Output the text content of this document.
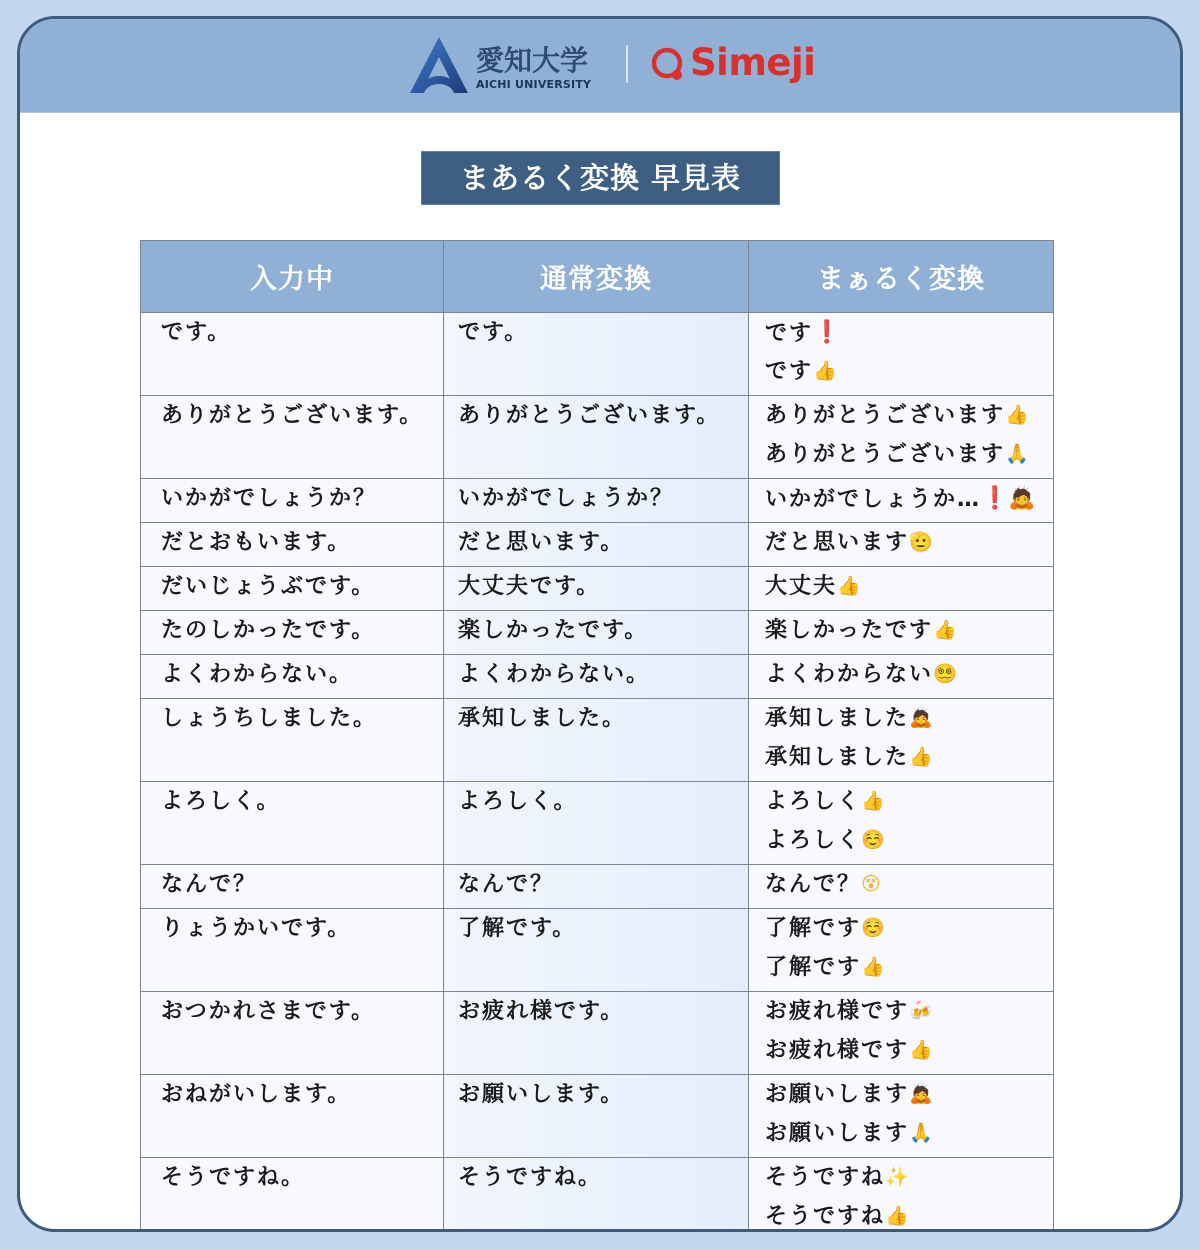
愛知大学
AICHI UNIVERSITY
Simeji
まあるく変換 早見表
入力中	通常変換	まぁるく変換

です。	です。	です❗
です👍

ありがとうございます。	ありがとうございます。	ありがとうございます👍
ありがとうございます🙏

いかがでしょうか？	いかがでしょうか？	いかがでしょうか…❗🙇

だとおもいます。	だと思います。	だと思います🫡

だいじょうぶです。	大丈夫です。	大丈夫👍

たのしかったです。	楽しかったです。	楽しかったです👍

よくわからない。	よくわからない。	よくわからない😵‍💫

しょうちしました。	承知しました。	承知しました🙇
承知しました👍

よろしく。	よろしく。	よろしく👍
よろしく☺️

なんで？	なんで？	なんで？😵

りょうかいです。	了解です。	了解です☺️
了解です👍

おつかれさまです。	お疲れ様です。	お疲れ様です🍻
お疲れ様です👍

おねがいします。	お願いします。	お願いします🙇
お願いします🙏

そうですね。	そうですね。	そうですね✨
そうですね👍
